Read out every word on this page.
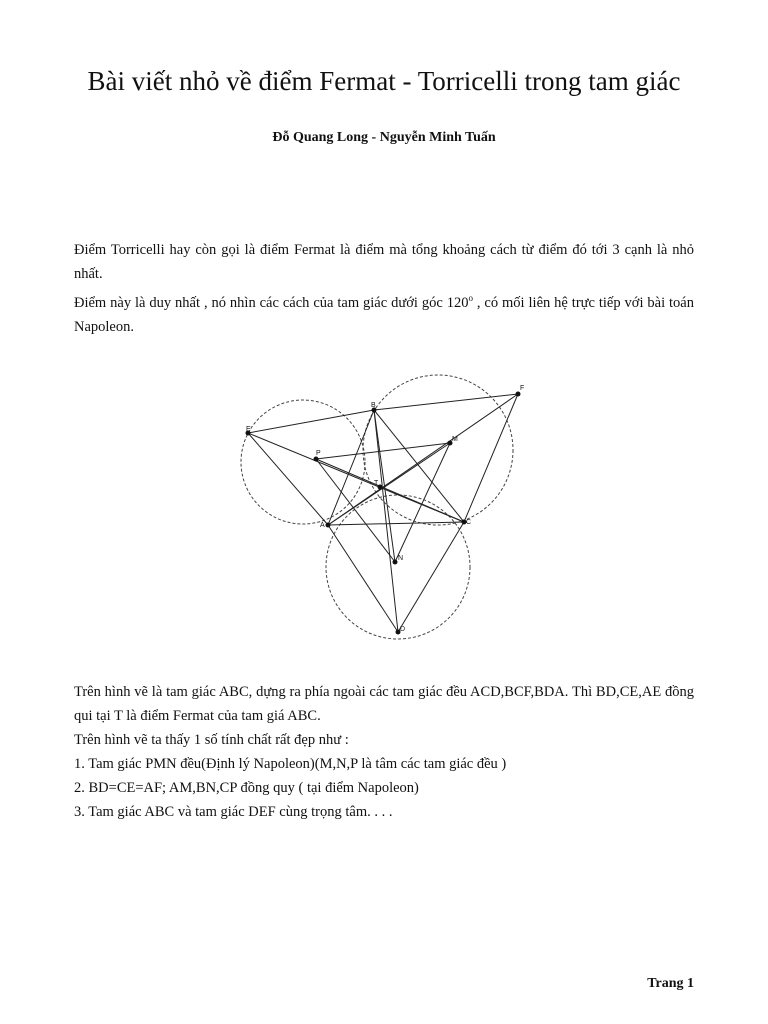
Bài viết nhỏ về điểm Fermat - Torricelli trong tam giác
Đỗ Quang Long - Nguyễn Minh Tuấn

Điểm Torricelli hay còn gọi là điểm Fermat là điểm mà tổng khoảng cách từ điểm đó tới 3 cạnh là nhỏ nhất.

Điểm này là duy nhất , nó nhìn các cách của tam giác dưới góc 120$^o$ , có mối liên hệ trực tiếp với bài toán Napoleon.

A
B
C
D
E
F
M
N
P
T

Trên hình vẽ là tam giác ABC, dựng ra phía ngoài các tam giác đều ACD,BCF,BDA. Thì BD,CE,AE đồng qui tại T là điểm Fermat của tam giá ABC.

Trên hình vẽ ta thấy 1 số tính chất rất đẹp như :

1. Tam giác PMN đều(Định lý Napoleon)(M,N,P là tâm các tam giác đều )

2. BD=CE=AF; AM,BN,CP đồng quy ( tại điểm Napoleon)

3. Tam giác ABC và tam giác DEF cùng trọng tâm. . . .

Trang 1
